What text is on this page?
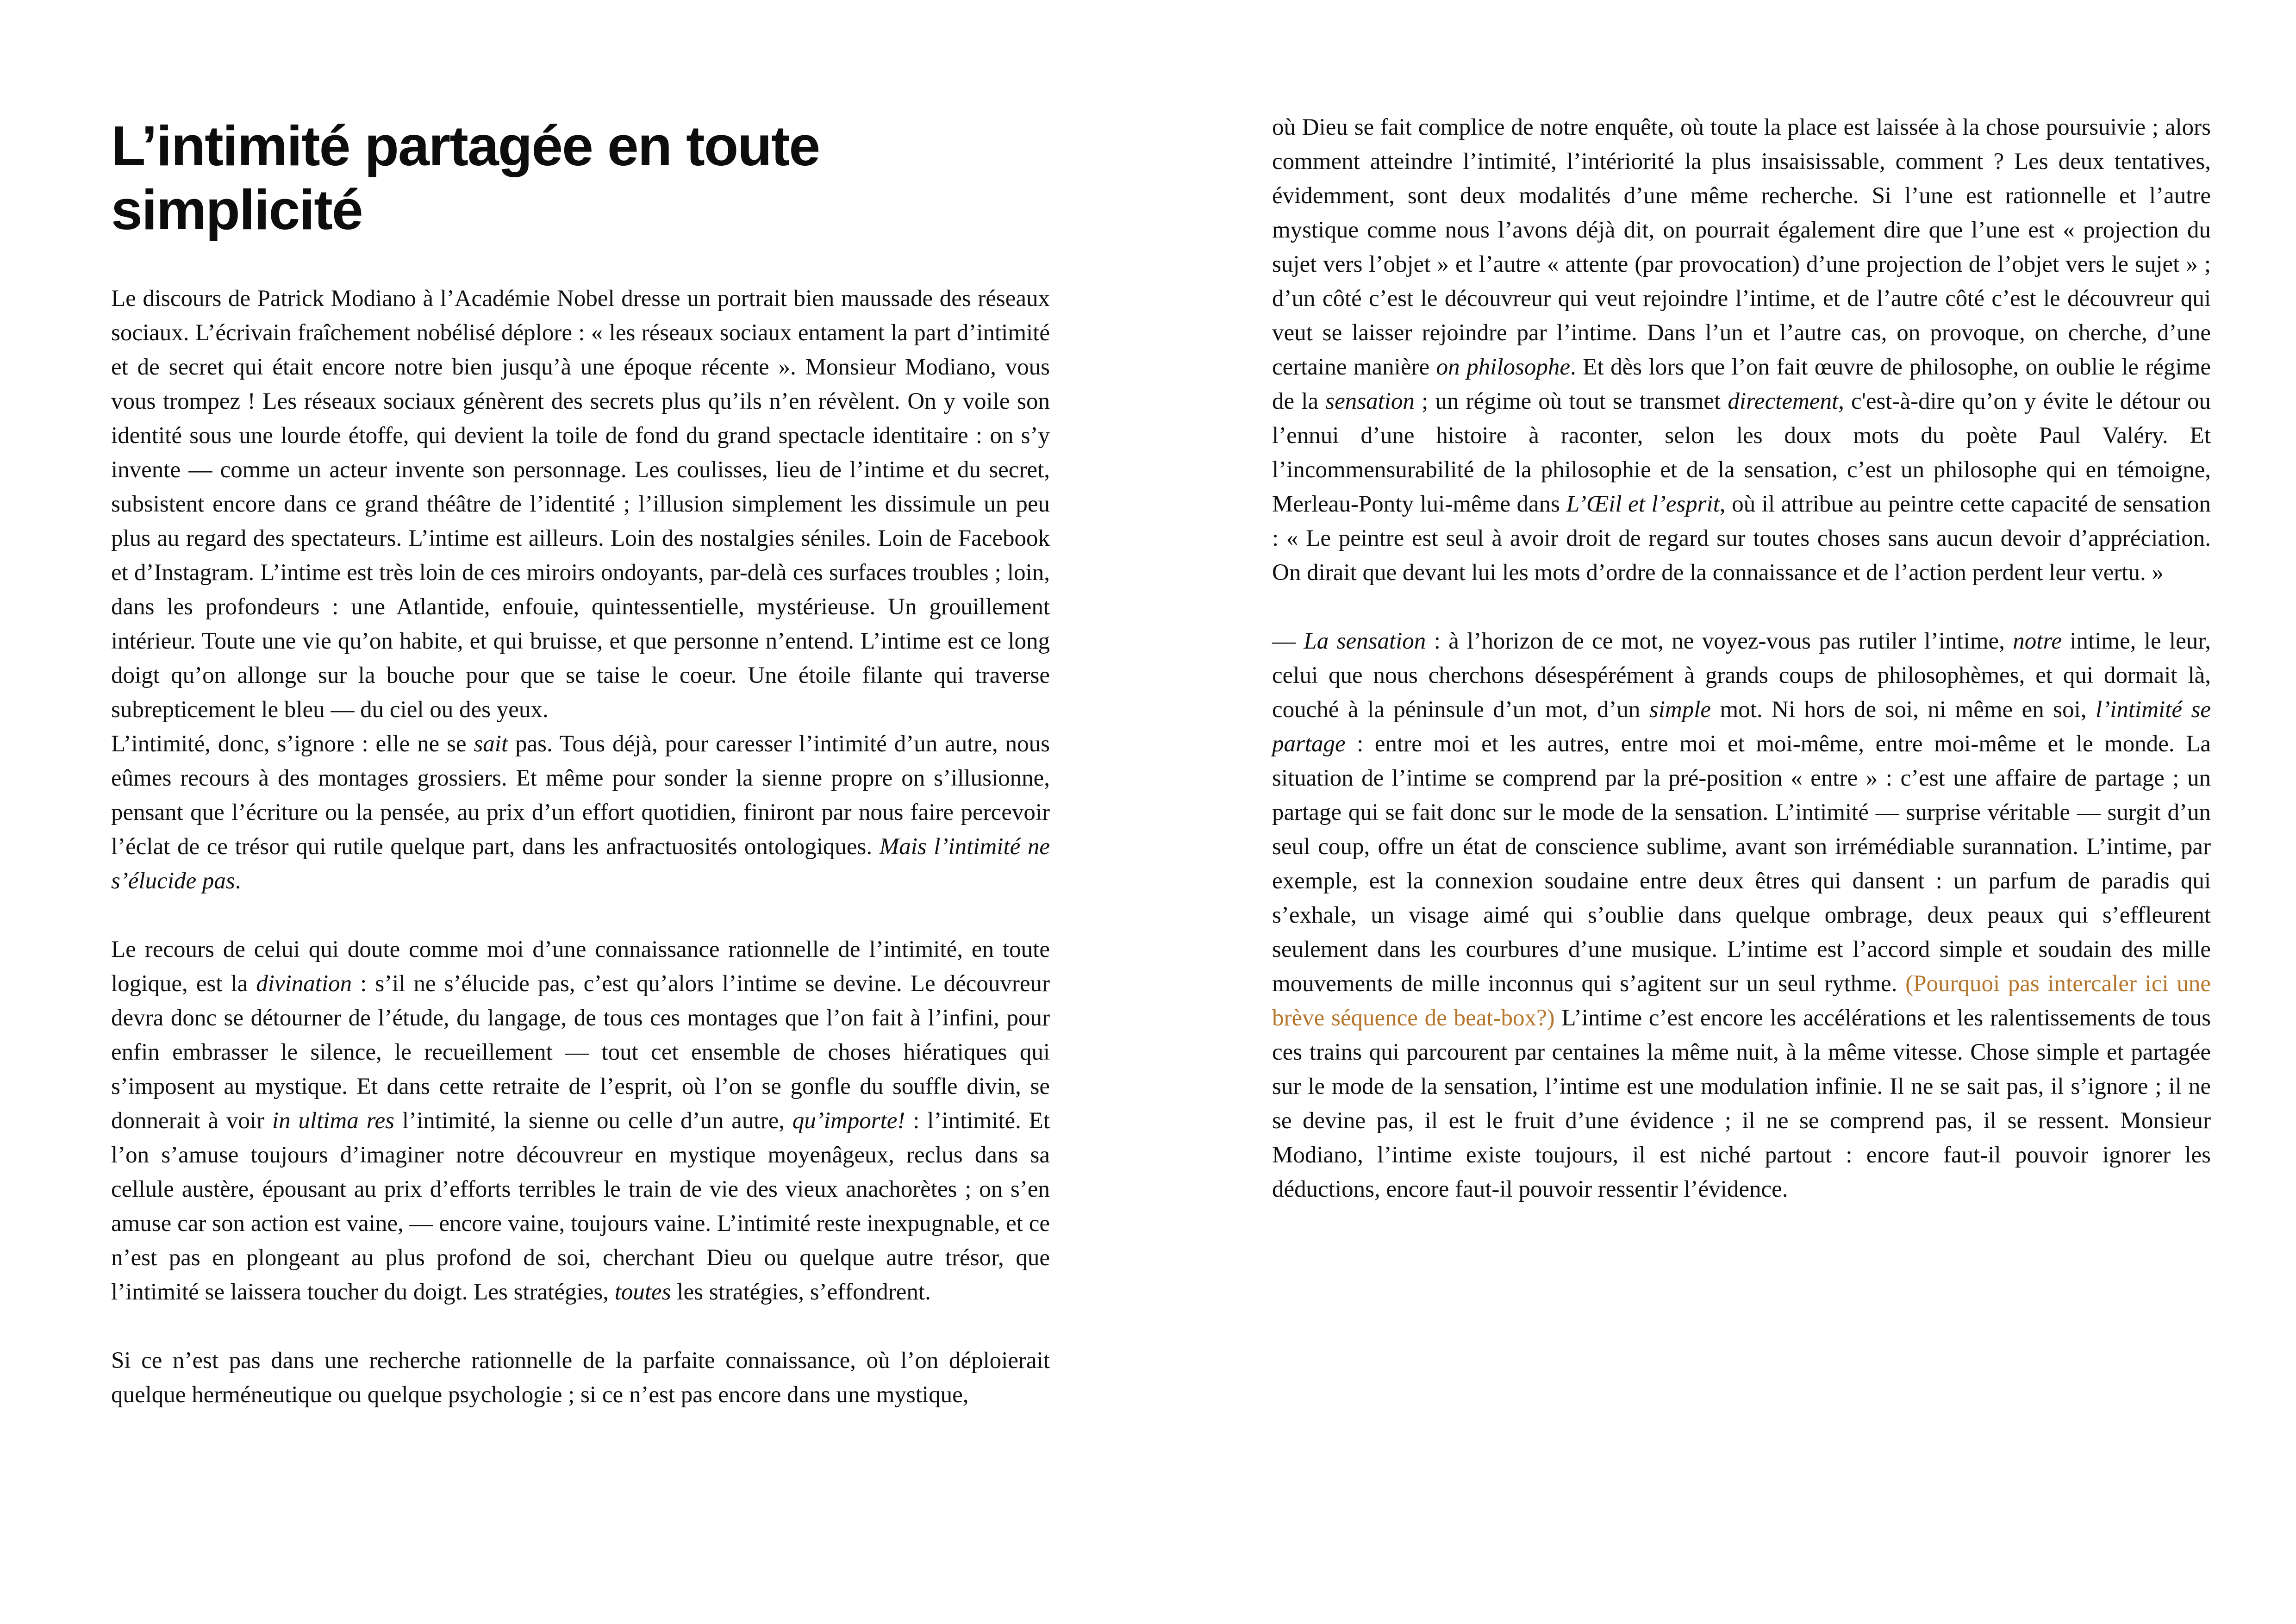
L’intimité partagée en toute simplicité

Le discours de Patrick Modiano à l’Académie Nobel dresse un portrait bien maussade des réseaux sociaux. L’écrivain fraîchement nobélisé déplore : « les réseaux sociaux entament la part d’intimité et de secret qui était encore notre bien jusqu’à une époque récente ». Monsieur Modiano, vous vous trompez ! Les réseaux sociaux génèrent des secrets plus qu’ils n’en révèlent. On y voile son identité sous une lourde étoffe, qui devient la toile de fond du grand spectacle identitaire : on s’y invente — comme un acteur invente son personnage. Les coulisses, lieu de l’intime et du secret, subsistent encore dans ce grand théâtre de l’identité ; l’illusion simplement les dissimule un peu plus au regard des spectateurs. L’intime est ailleurs. Loin des nostalgies séniles. Loin de Facebook et d’Instagram. L’intime est très loin de ces miroirs ondoyants, par-delà ces surfaces troubles ; loin, dans les profondeurs : une Atlantide, enfouie, quintessentielle, mystérieuse. Un grouillement intérieur. Toute une vie qu’on habite, et qui bruisse, et que personne n’entend. L’intime est ce long doigt qu’on allonge sur la bouche pour que se taise le coeur. Une étoile filante qui traverse subrepticement le bleu — du ciel ou des yeux.

L’intimité, donc, s’ignore : elle ne se sait pas. Tous déjà, pour caresser l’intimité d’un autre, nous eûmes recours à des montages grossiers. Et même pour sonder la sienne propre on s’illusionne, pensant que l’écriture ou la pensée, au prix d’un effort quotidien, finiront par nous faire percevoir l’éclat de ce trésor qui rutile quelque part, dans les anfractuosités ontologiques. Mais l’intimité ne s’élucide pas.

Le recours de celui qui doute comme moi d’une connaissance rationnelle de l’intimité, en toute logique, est la divination : s’il ne s’élucide pas, c’est qu’alors l’intime se devine. Le découvreur devra donc se détourner de l’étude, du langage, de tous ces montages que l’on fait à l’infini, pour enfin embrasser le silence, le recueillement — tout cet ensemble de choses hiératiques qui s’imposent au mystique. Et dans cette retraite de l’esprit, où l’on se gonfle du souffle divin, se donnerait à voir in ultima res l’intimité, la sienne ou celle d’un autre, qu’importe! : l’intimité. Et l’on s’amuse toujours d’imaginer notre découvreur en mystique moyenâgeux, reclus dans sa cellule austère, épousant au prix d’efforts terribles le train de vie des vieux anachorètes ; on s’en amuse car son action est vaine, — encore vaine, toujours vaine. L’intimité reste inexpugnable, et ce n’est pas en plongeant au plus profond de soi, cherchant Dieu ou quelque autre trésor, que l’intimité se laissera toucher du doigt. Les stratégies, toutes les stratégies, s’effondrent.

Si ce n’est pas dans une recherche rationnelle de la parfaite connaissance, où l’on déploierait quelque herméneutique ou quelque psychologie ; si ce n’est pas encore dans une mystique,

où Dieu se fait complice de notre enquête, où toute la place est laissée à la chose poursuivie ; alors comment atteindre l’intimité, l’intériorité la plus insaisissable, comment ? Les deux tentatives, évidemment, sont deux modalités d’une même recherche. Si l’une est rationnelle et l’autre mystique comme nous l’avons déjà dit, on pourrait également dire que l’une est « projection du sujet vers l’objet » et l’autre « attente (par provocation) d’une projection de l’objet vers le sujet » ; d’un côté c’est le découvreur qui veut rejoindre l’intime, et de l’autre côté c’est le découvreur qui veut se laisser rejoindre par l’intime. Dans l’un et l’autre cas, on provoque, on cherche, d’une certaine manière on philosophe. Et dès lors que l’on fait œuvre de philosophe, on oublie le régime de la sensation ; un régime où tout se transmet directement, c'est-à-dire qu’on y évite le détour ou l’ennui d’une histoire à raconter, selon les doux mots du poète Paul Valéry. Et l’incommensurabilité de la philosophie et de la sensation, c’est un philosophe qui en témoigne, Merleau-Ponty lui-même dans L’Œil et l’esprit, où il attribue au peintre cette capacité de sensation : « Le peintre est seul à avoir droit de regard sur toutes choses sans aucun devoir d’appréciation. On dirait que devant lui les mots d’ordre de la connaissance et de l’action perdent leur vertu. »

— La sensation : à l’horizon de ce mot, ne voyez-vous pas rutiler l’intime, notre intime, le leur, celui que nous cherchons désespérément à grands coups de philosophèmes, et qui dormait là, couché à la péninsule d’un mot, d’un simple mot. Ni hors de soi, ni même en soi, l’intimité se partage : entre moi et les autres, entre moi et moi-même, entre moi-même et le monde. La situation de l’intime se comprend par la pré-position « entre » : c’est une affaire de partage ; un partage qui se fait donc sur le mode de la sensation. L’intimité — surprise véritable — surgit d’un seul coup, offre un état de conscience sublime, avant son irrémédiable surannation. L’intime, par exemple, est la connexion soudaine entre deux êtres qui dansent : un parfum de paradis qui s’exhale, un visage aimé qui s’oublie dans quelque ombrage, deux peaux qui s’effleurent seulement dans les courbures d’une musique. L’intime est l’accord simple et soudain des mille mouvements de mille inconnus qui s’agitent sur un seul rythme. (Pourquoi pas intercaler ici une brève séquence de beat-box?) L’intime c’est encore les accélérations et les ralentissements de tous ces trains qui parcourent par centaines la même nuit, à la même vitesse. Chose simple et partagée sur le mode de la sensation, l’intime est une modulation infinie. Il ne se sait pas, il s’ignore ; il ne se devine pas, il est le fruit d’une évidence ; il ne se comprend pas, il se ressent. Monsieur Modiano, l’intime existe toujours, il est niché partout : encore faut-il pouvoir ignorer les déductions, encore faut-il pouvoir ressentir l’évidence.
